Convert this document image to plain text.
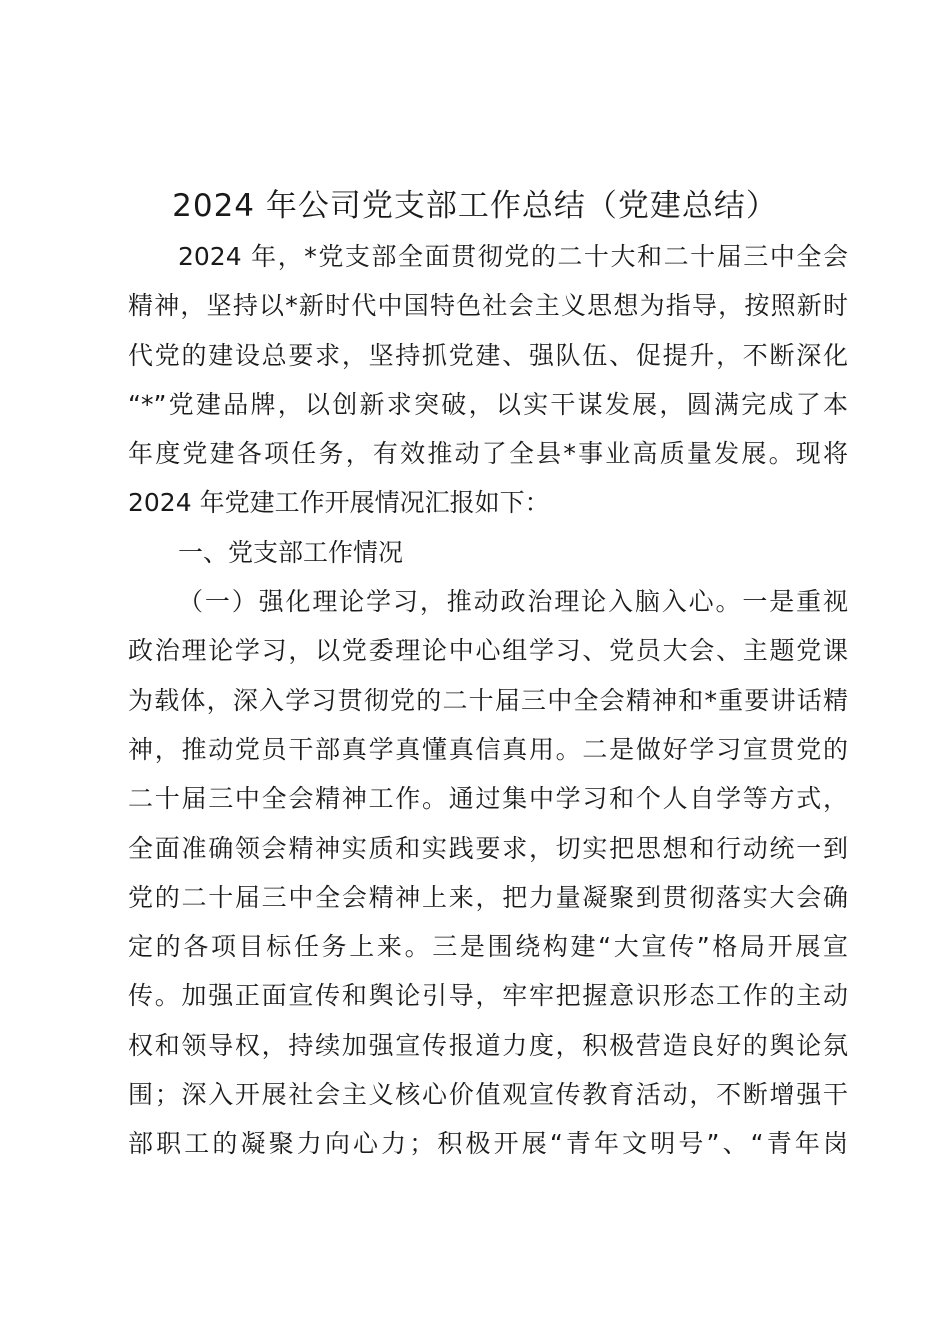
2024 年公司党支部工作总结（党建总结）
2024 年，*党支部全面贯彻党的二十大和二十届三中全会
精神，坚持以*新时代中国特色社会主义思想为指导，按照新时
代党的建设总要求，坚持抓党建、强队伍、促提升，不断深化
“*”党建品牌，以创新求突破，以实干谋发展，圆满完成了本
年度党建各项任务，有效推动了全县*事业高质量发展。现将
2024 年党建工作开展情况汇报如下：
一、党支部工作情况
（一）强化理论学习，推动政治理论入脑入心。一是重视
政治理论学习，以党委理论中心组学习、党员大会、主题党课
为载体，深入学习贯彻党的二十届三中全会精神和*重要讲话精
神，推动党员干部真学真懂真信真用。二是做好学习宣贯党的
二十届三中全会精神工作。通过集中学习和个人自学等方式，
全面准确领会精神实质和实践要求，切实把思想和行动统一到
党的二十届三中全会精神上来，把力量凝聚到贯彻落实大会确
定的各项目标任务上来。三是围绕构建“大宣传”格局开展宣
传。加强正面宣传和舆论引导，牢牢把握意识形态工作的主动
权和领导权，持续加强宣传报道力度，积极营造良好的舆论氛
围；深入开展社会主义核心价值观宣传教育活动，不断增强干
部职工的凝聚力向心力；积极开展“青年文明号”、“青年岗
